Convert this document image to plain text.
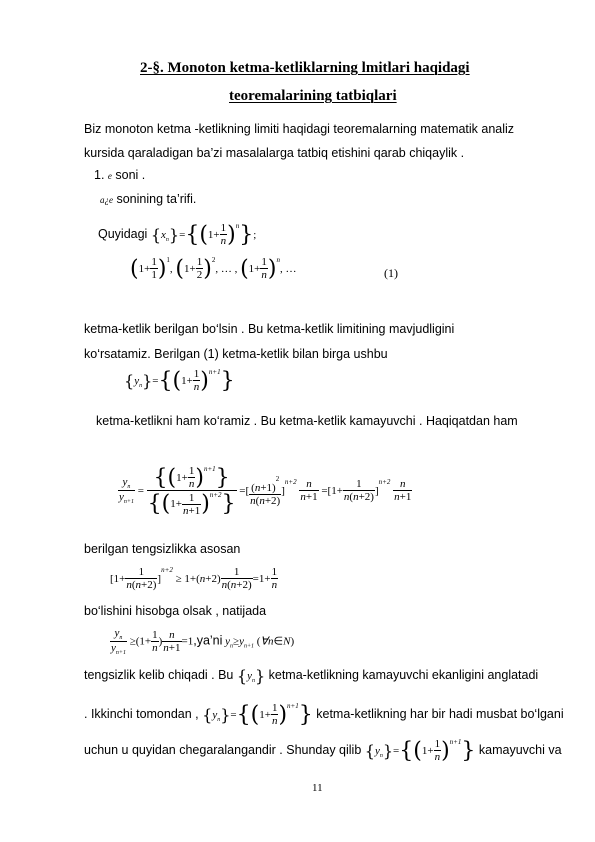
2-§. Monoton ketma-ketliklarning lmitlari haqidagi
teoremalarining tatbiqlari
Biz monoton ketma -ketlikning limiti haqidagi teoremalarning matematik analiz
kursida qaraladigan ba’zi masalalarga tatbiq etishini qarab chiqaylik .
1. e soni .
a¿e sonining ta’rifi.
Quyidagi $\{x_n\}=\{(1+ \frac{1}{n} )^n\}$;
$(1+ \frac{1}{1} )^1$, $(1+ \frac{1}{2} )^2$, … , $(1+ \frac{1}{n} )^n$, …	(1)
ketma-ketlik berilgan bo‘lsin . Bu ketma-ketlik limitining mavjudligini
ko‘rsatamiz. Berilgan (1) ketma-ketlik bilan birga ushbu
$\{y_n\}=\{(1+ \frac{1}{n} )^{n+1}\}$
ketma-ketlikni ham ko‘ramiz . Bu ketma-ketlik kamayuvchi . Haqiqatdan ham
$\frac{y_n}{y_{n+1}} = \frac{\{(1+ \frac{1}{n} )^{n+1}\}}{\{(1+ \frac{1}{n+1} )^{n+2}\}}$ =[ $\frac{(n+1)^2}{n(n+2)} ]^{n+2} \frac{n}{n+1} =[1+ \frac{1}{n(n+2)} ]^{n+2} \frac{n}{n+1}$
berilgan tengsizlikka asosan
$[1+ \frac{1}{n(n+2)} ]^{n+2} \ge 1+(n+2) \frac{1}{n(n+2)} =1+ \frac{1}{n}$
bo‘lishini hisobga olsak , natijada
$\frac{y_n}{y_{n+1}} \ge(1+ \frac{1}{n}$ ) $\frac{n}{n+1}$ =1,ya’ni $y_n\ge y_{n+1}$ (∀n∈N)
tengsizlik kelib chiqadi . Bu $\{y_n\}$ ketma-ketlikning kamayuvchi ekanligini anglatadi
. Ikkinchi tomondan , $\{y_n\}=\{(1+ \frac{1}{n} )^{n+1}\}$ ketma-ketlikning har bir hadi musbat bo‘lgani
uchun u quyidan chegaralangandir . Shunday qilib $\{y_n\}=\{(1+ \frac{1}{n} )^{n+1}\}$ kamayuvchi va
11
